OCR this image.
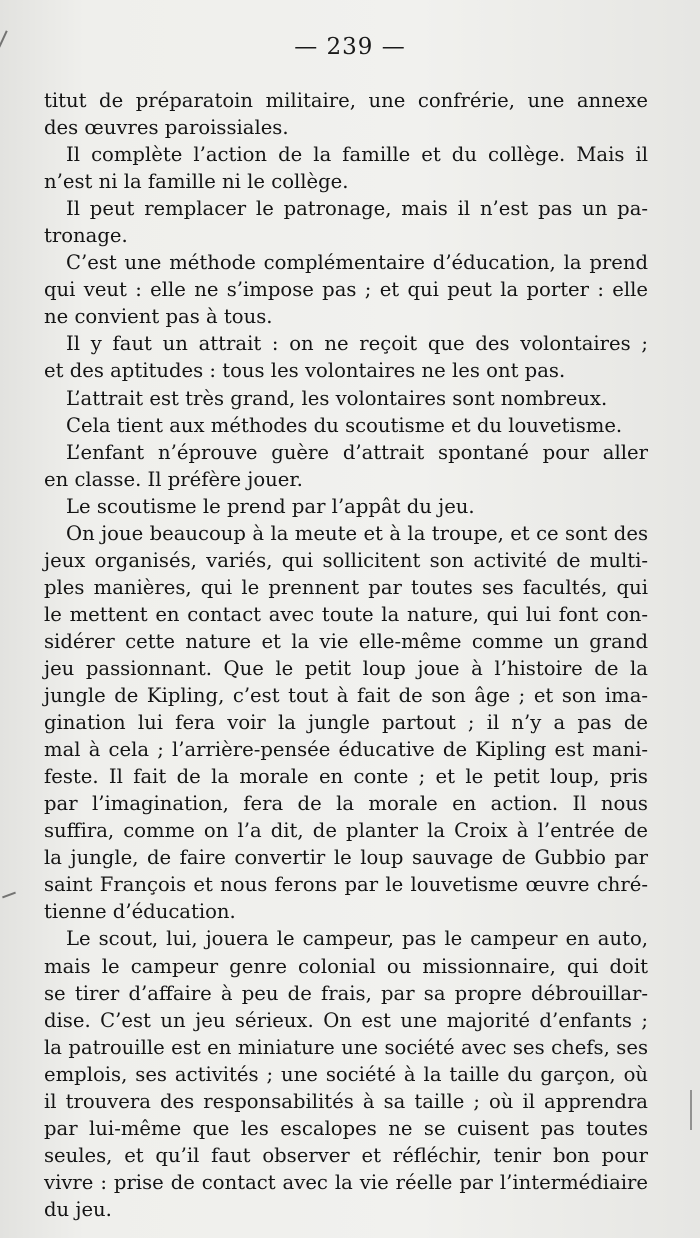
— 239 —
titut de préparatoin militaire, une confrérie, une annexe
des œuvres paroissiales.
Il complète l’action de la famille et du collège. Mais il
n’est ni la famille ni le collège.
Il peut remplacer le patronage, mais il n’est pas un pa-
tronage.
C’est une méthode complémentaire d’éducation, la prend
qui veut : elle ne s’impose pas ; et qui peut la porter : elle
ne convient pas à tous.
Il y faut un attrait : on ne reçoit que des volontaires ;
et des aptitudes : tous les volontaires ne les ont pas.
L’attrait est très grand, les volontaires sont nombreux.
Cela tient aux méthodes du scoutisme et du louvetisme.
L’enfant n’éprouve guère d’attrait spontané pour aller
en classe. Il préfère jouer.
Le scoutisme le prend par l’appât du jeu.
On joue beaucoup à la meute et à la troupe, et ce sont des
jeux organisés, variés, qui sollicitent son activité de multi-
ples manières, qui le prennent par toutes ses facultés, qui
le mettent en contact avec toute la nature, qui lui font con-
sidérer cette nature et la vie elle-même comme un grand
jeu passionnant. Que le petit loup joue à l’histoire de la
jungle de Kipling, c’est tout à fait de son âge ; et son ima-
gination lui fera voir la jungle partout ; il n’y a pas de
mal à cela ; l’arrière-pensée éducative de Kipling est mani-
feste. Il fait de la morale en conte ; et le petit loup, pris
par l’imagination, fera de la morale en action. Il nous
suffira, comme on l’a dit, de planter la Croix à l’entrée de
la jungle, de faire convertir le loup sauvage de Gubbio par
saint François et nous ferons par le louvetisme œuvre chré-
tienne d’éducation.
Le scout, lui, jouera le campeur, pas le campeur en auto,
mais le campeur genre colonial ou missionnaire, qui doit
se tirer d’affaire à peu de frais, par sa propre débrouillar-
dise. C’est un jeu sérieux. On est une majorité d’enfants ;
la patrouille est en miniature une société avec ses chefs, ses
emplois, ses activités ; une société à la taille du garçon, où
il trouvera des responsabilités à sa taille ; où il apprendra
par lui-même que les escalopes ne se cuisent pas toutes
seules, et qu’il faut observer et réfléchir, tenir bon pour
vivre : prise de contact avec la vie réelle par l’intermédiaire
du jeu.
